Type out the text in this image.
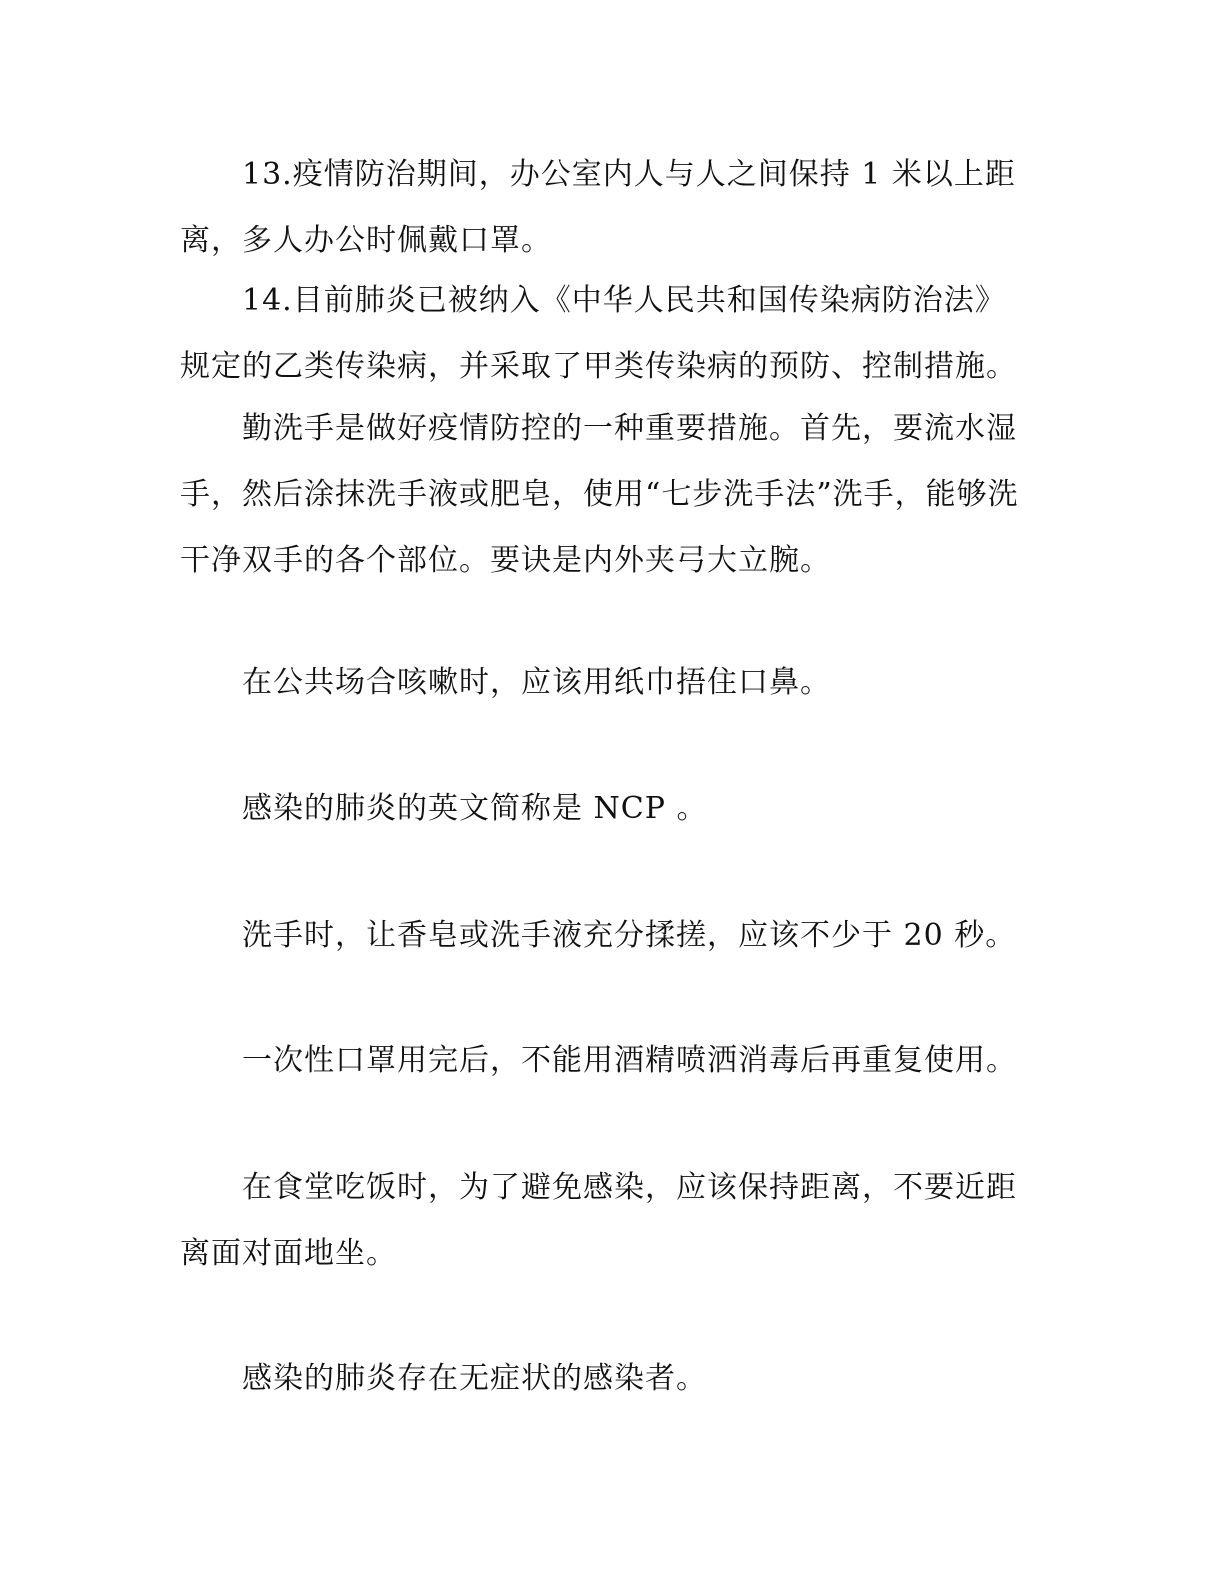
13.疫情防治期间，办公室内人与人之间保持 1 米以上距
离，多人办公时佩戴口罩。
14.目前肺炎已被纳入《中华人民共和国传染病防治法》
规定的乙类传染病，并采取了甲类传染病的预防、控制措施。
勤洗手是做好疫情防控的一种重要措施。首先，要流水湿
手，然后涂抹洗手液或肥皂，使用“七步洗手法”洗手，能够洗
干净双手的各个部位。要诀是内外夹弓大立腕。
在公共场合咳嗽时，应该用纸巾捂住口鼻。
感染的肺炎的英文简称是 NCP 。
洗手时，让香皂或洗手液充分揉搓，应该不少于 20 秒。
一次性口罩用完后，不能用酒精喷洒消毒后再重复使用。
在食堂吃饭时，为了避免感染，应该保持距离，不要近距
离面对面地坐。
感染的肺炎存在无症状的感染者。
